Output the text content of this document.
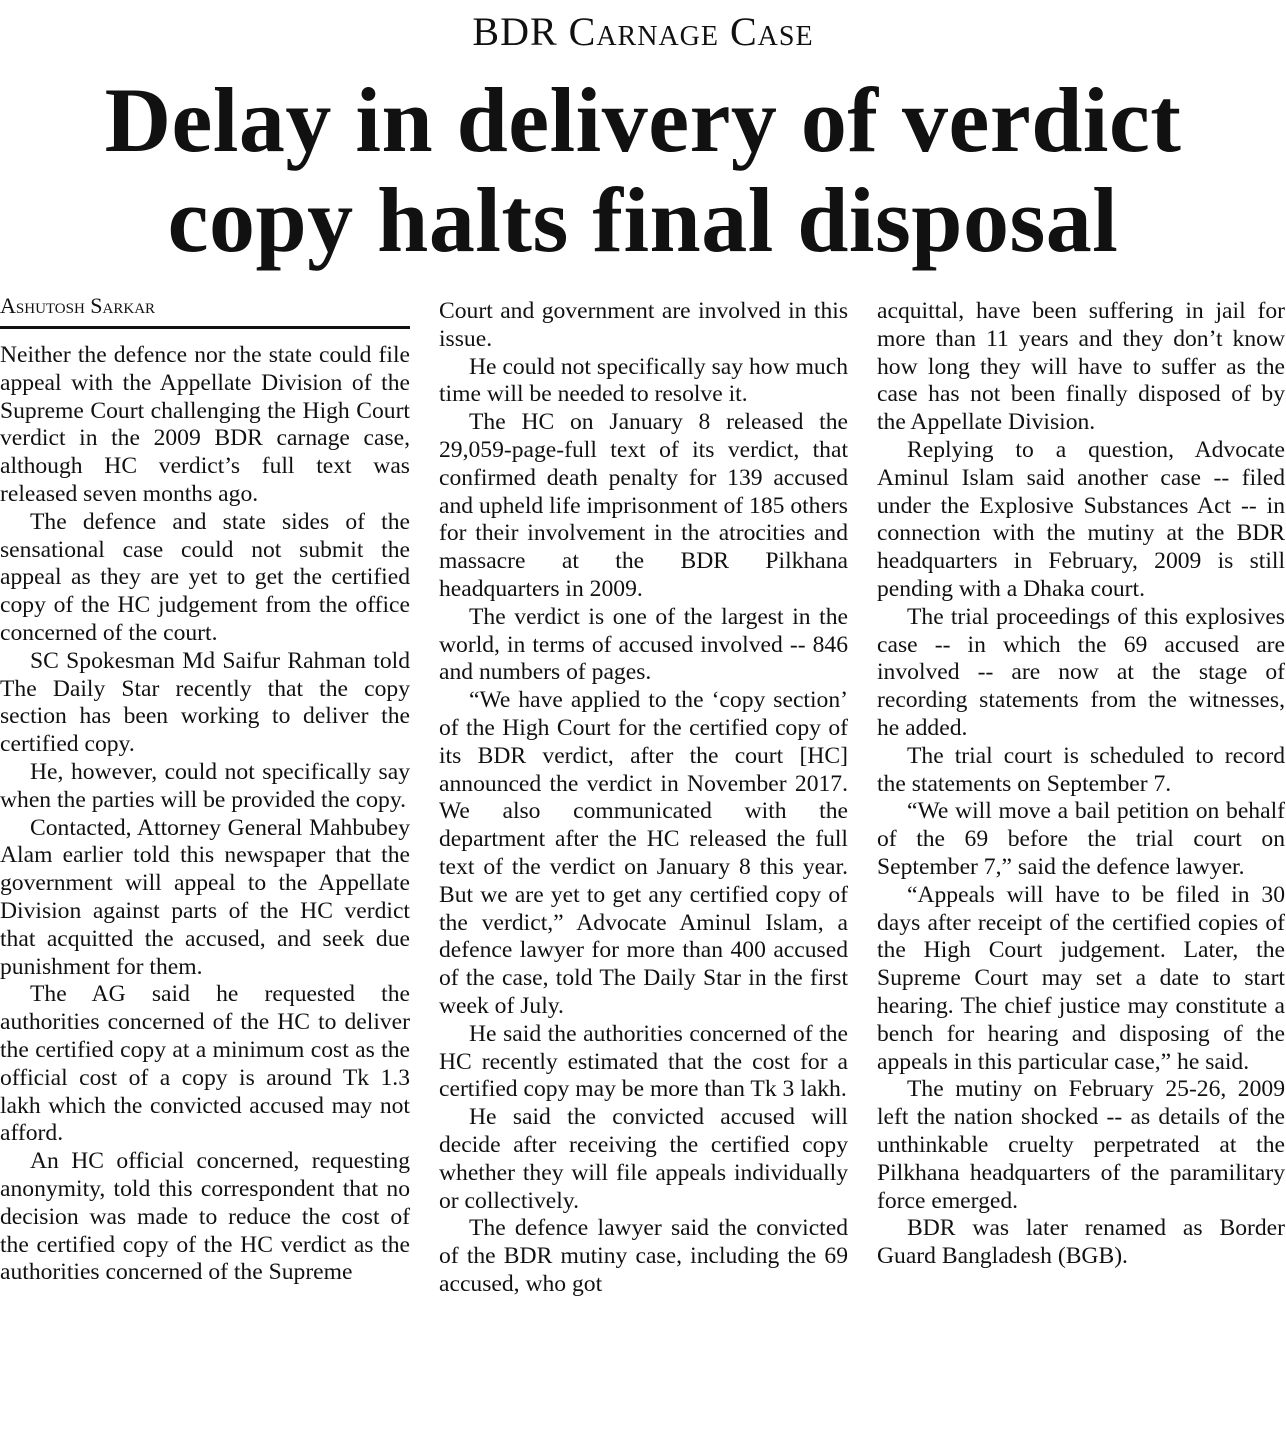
BDR Carnage Case
Delay in delivery of verdict
copy halts final disposal
Ashutosh Sarkar

Neither the defence nor the state could file appeal with the Appellate Division of the Supreme Court challenging the High Court verdict in the 2009 BDR carnage case, although HC verdict’s full text was released seven months ago.

The defence and state sides of the sensational case could not submit the appeal as they are yet to get the certified copy of the HC judgement from the office concerned of the court.

SC Spokesman Md Saifur Rahman told The Daily Star recently that the copy section has been working to deliver the certified copy.

He, however, could not specifically say when the parties will be provided the copy.

Contacted, Attorney General Mahbubey Alam earlier told this newspaper that the government will appeal to the Appellate Division against parts of the HC verdict that acquitted the accused, and seek due punishment for them.

The AG said he requested the authorities concerned of the HC to deliver the certified copy at a minimum cost as the official cost of a copy is around Tk 1.3 lakh which the convicted accused may not afford.

An HC official concerned, requesting anonymity, told this correspondent that no decision was made to reduce the cost of the certified copy of the HC verdict as the authorities concerned of the Supreme

Court and government are involved in this issue.

He could not specifically say how much time will be needed to resolve it.

The HC on January 8 released the 29,059-page-full text of its verdict, that confirmed death penalty for 139 accused and upheld life imprisonment of 185 others for their involvement in the atrocities and massacre at the BDR Pilkhana headquarters in 2009.

The verdict is one of the largest in the world, in terms of accused involved -- 846 and numbers of pages.

“We have applied to the ‘copy section’ of the High Court for the certified copy of its BDR verdict, after the court [HC] announced the verdict in November 2017. We also communicated with the department after the HC released the full text of the verdict on January 8 this year. But we are yet to get any certified copy of the verdict,” Advocate Aminul Islam, a defence lawyer for more than 400 accused of the case, told The Daily Star in the first week of July.

He said the authorities concerned of the HC recently estimated that the cost for a certified copy may be more than Tk 3 lakh.

He said the convicted accused will decide after receiving the certified copy whether they will file appeals individually or collectively.

The defence lawyer said the convicted of the BDR mutiny case, including the 69 accused, who got

acquittal, have been suffering in jail for more than 11 years and they don’t know how long they will have to suffer as the case has not been finally disposed of by the Appellate Division.

Replying to a question, Advocate Aminul Islam said another case -- filed under the Explosive Substances Act -- in connection with the mutiny at the BDR headquarters in February, 2009 is still pending with a Dhaka court.

The trial proceedings of this explosives case -- in which the 69 accused are involved -- are now at the stage of recording statements from the witnesses, he added.

The trial court is scheduled to record the statements on September 7.

“We will move a bail petition on behalf of the 69 before the trial court on September 7,” said the defence lawyer.

“Appeals will have to be filed in 30 days after receipt of the certified copies of the High Court judgement. Later, the Supreme Court may set a date to start hearing. The chief justice may constitute a bench for hearing and disposing of the appeals in this particular case,” he said.

The mutiny on February 25-26, 2009 left the nation shocked -- as details of the unthinkable cruelty perpetrated at the Pilkhana headquarters of the paramilitary force emerged.

BDR was later renamed as Border Guard Bangladesh (BGB).
